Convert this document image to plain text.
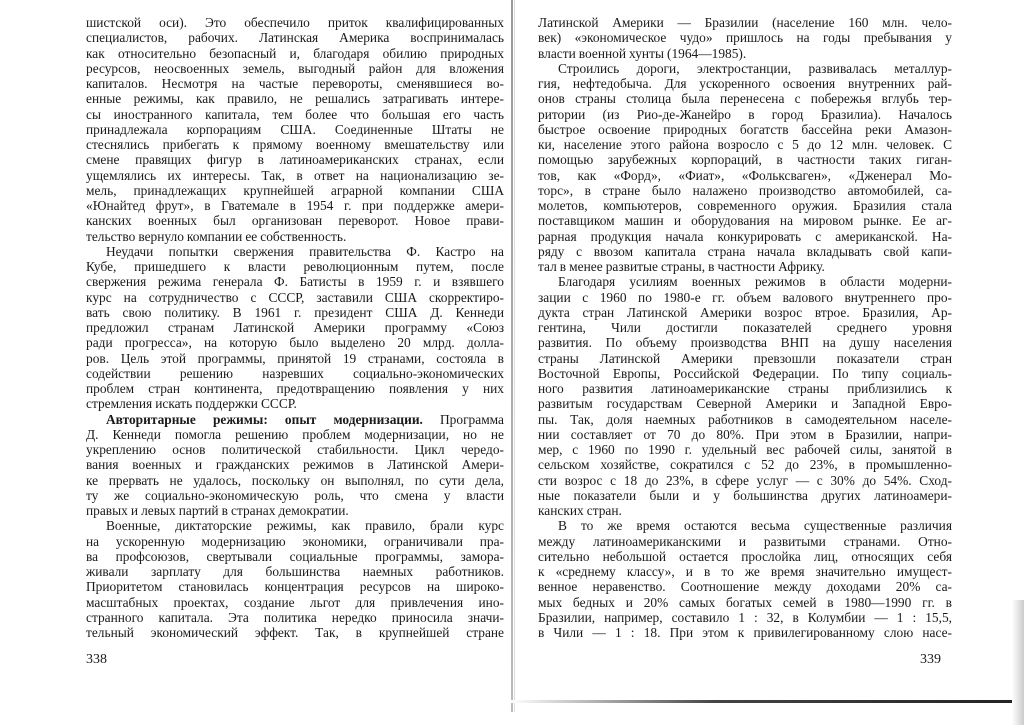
шистской оси). Это обеспечило приток квалифицированных
специалистов, рабочих. Латинская Америка воспринималась
как относительно безопасный и, благодаря обилию природных
ресурсов, неосвоенных земель, выгодный район для вложения
капиталов. Несмотря на частые перевороты, сменявшиеся во-
енные режимы, как правило, не решались затрагивать интере-
сы иностранного капитала, тем более что большая его часть
принадлежала корпорациям США. Соединенные Штаты не
стеснялись прибегать к прямому военному вмешательству или
смене правящих фигур в латиноамериканских странах, если
ущемлялись их интересы. Так, в ответ на национализацию зе-
мель, принадлежащих крупнейшей аграрной компании США
«Юнайтед фрут», в Гватемале в 1954 г. при поддержке амери-
канских военных был организован переворот. Новое прави-
тельство вернуло компании ее собственность.
Неудачи попытки свержения правительства Ф. Кастро на
Кубе, пришедшего к власти революционным путем, после
свержения режима генерала Ф. Батисты в 1959 г. и взявшего
курс на сотрудничество с СССР, заставили США скорректиро-
вать свою политику. В 1961 г. президент США Д. Кеннеди
предложил странам Латинской Америки программу «Союз
ради прогресса», на которую было выделено 20 млрд. долла-
ров. Цель этой программы, принятой 19 странами, состояла в
содействии решению назревших социально-экономических
проблем стран континента, предотвращению появления у них
стремления искать поддержки СССР.
Авторитарные режимы: опыт модернизации. Программа
Д. Кеннеди помогла решению проблем модернизации, но не
укреплению основ политической стабильности. Цикл чередо-
вания военных и гражданских режимов в Латинской Амери-
ке прервать не удалось, поскольку он выполнял, по сути дела,
ту же социально-экономическую роль, что смена у власти
правых и левых партий в странах демократии.
Военные, диктаторские режимы, как правило, брали курс
на ускоренную модернизацию экономики, ограничивали пра-
ва профсоюзов, свертывали социальные программы, замора-
живали зарплату для большинства наемных работников.
Приоритетом становилась концентрация ресурсов на широко-
масштабных проектах, создание льгот для привлечения ино-
странного капитала. Эта политика нередко приносила значи-
тельный экономический эффект. Так, в крупнейшей стране
Латинской Америки — Бразилии (население 160 млн. чело-
век) «экономическое чудо» пришлось на годы пребывания у
власти военной хунты (1964—1985).
Строились дороги, электростанции, развивалась металлур-
гия, нефтедобыча. Для ускоренного освоения внутренних рай-
онов страны столица была перенесена с побережья вглубь тер-
ритории (из Рио-де-Жанейро в город Бразилиа). Началось
быстрое освоение природных богатств бассейна реки Амазон-
ки, население этого района возросло с 5 до 12 млн. человек. С
помощью зарубежных корпораций, в частности таких гиган-
тов, как «Форд», «Фиат», «Фольксваген», «Дженерал Мо-
торс», в стране было налажено производство автомобилей, са-
молетов, компьютеров, современного оружия. Бразилия стала
поставщиком машин и оборудования на мировом рынке. Ее аг-
рарная продукция начала конкурировать с американской. На-
ряду с ввозом капитала страна начала вкладывать свой капи-
тал в менее развитые страны, в частности Африку.
Благодаря усилиям военных режимов в области модерни-
зации с 1960 по 1980-е гг. объем валового внутреннего про-
дукта стран Латинской Америки возрос втрое. Бразилия, Ар-
гентина, Чили достигли показателей среднего уровня
развития. По объему производства ВНП на душу населения
страны Латинской Америки превзошли показатели стран
Восточной Европы, Российской Федерации. По типу социаль-
ного развития латиноамериканские страны приблизились к
развитым государствам Северной Америки и Западной Евро-
пы. Так, доля наемных работников в самодеятельном населе-
нии составляет от 70 до 80%. При этом в Бразилии, напри-
мер, с 1960 по 1990 г. удельный вес рабочей силы, занятой в
сельском хозяйстве, сократился с 52 до 23%, в промышленно-
сти возрос с 18 до 23%, в сфере услуг — с 30% до 54%. Сход-
ные показатели были и у большинства других латиноамери-
канских стран.
В то же время остаются весьма существенные различия
между латиноамериканскими и развитыми странами. Отно-
сительно небольшой остается прослойка лиц, относящих себя
к «среднему классу», и в то же время значительно имущест-
венное неравенство. Соотношение между доходами 20% са-
мых бедных и 20% самых богатых семей в 1980—1990 гг. в
Бразилии, например, составило 1 : 32, в Колумбии — 1 : 15,5,
в Чили — 1 : 18. При этом к привилегированному слою насе-
338	339
